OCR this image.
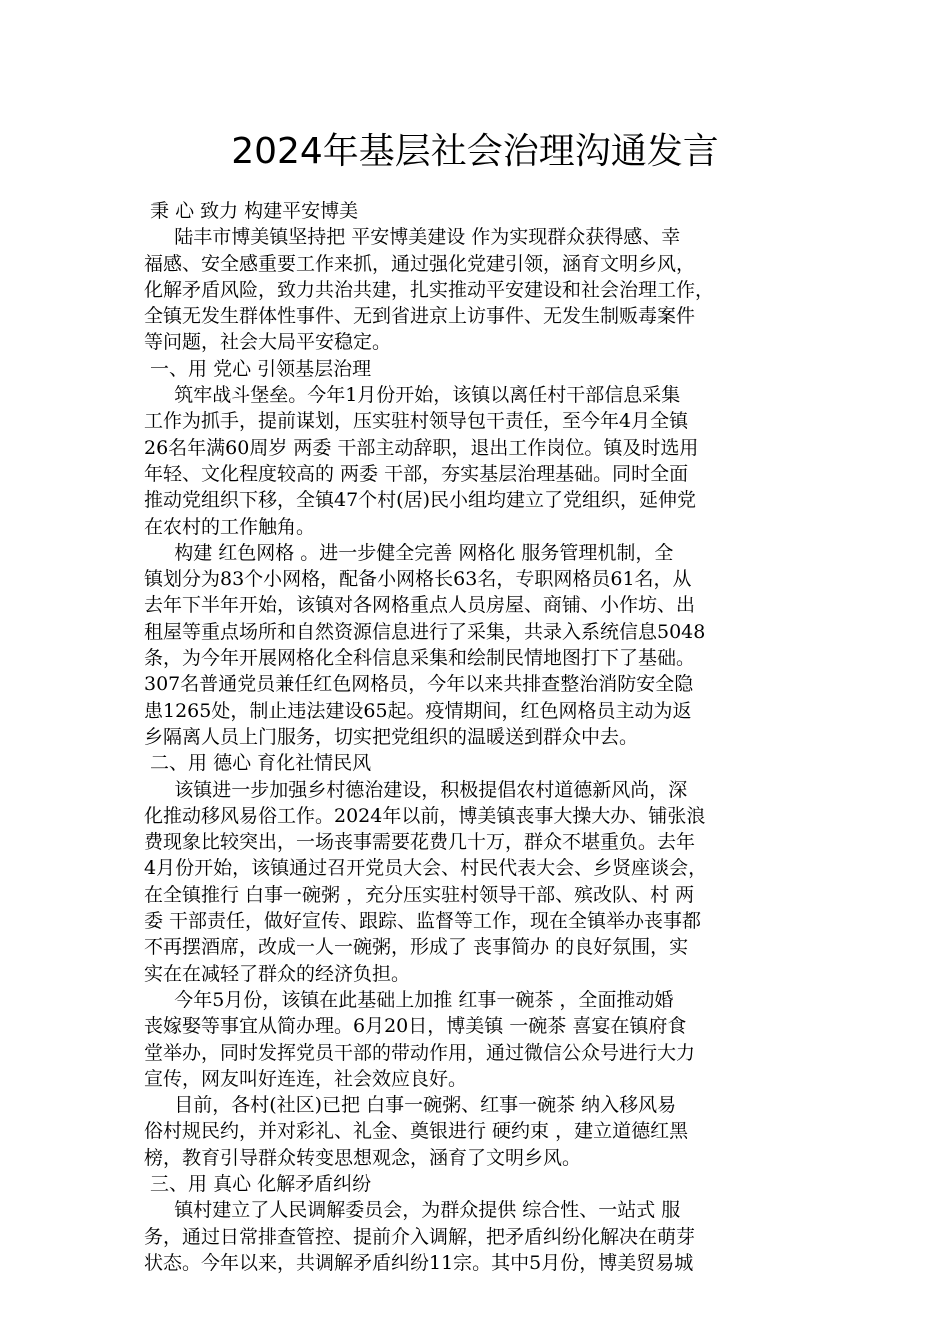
2024年基层社会治理沟通发言
秉 心 致力 构建平安博美
陆丰市博美镇坚持把 平安博美建设 作为实现群众获得感、幸
福感、安全感重要工作来抓，通过强化党建引领，涵育文明乡风，
化解矛盾风险，致力共治共建，扎实推动平安建设和社会治理工作，
全镇无发生群体性事件、无到省进京上访事件、无发生制贩毒案件
等问题，社会大局平安稳定。
一、用 党心 引领基层治理
筑牢战斗堡垒。今年1月份开始，该镇以离任村干部信息采集
工作为抓手，提前谋划，压实驻村领导包干责任，至今年4月全镇
26名年满60周岁 两委 干部主动辞职，退出工作岗位。镇及时选用
年轻、文化程度较高的 两委 干部，夯实基层治理基础。同时全面
推动党组织下移，全镇47个村(居)民小组均建立了党组织，延伸党
在农村的工作触角。
构建 红色网格 。进一步健全完善 网格化 服务管理机制，全
镇划分为83个小网格，配备小网格长63名，专职网格员61名，从
去年下半年开始，该镇对各网格重点人员房屋、商铺、小作坊、出
租屋等重点场所和自然资源信息进行了采集，共录入系统信息5048
条，为今年开展网格化全科信息采集和绘制民情地图打下了基础。
307名普通党员兼任红色网格员，今年以来共排查整治消防安全隐
患1265处，制止违法建设65起。疫情期间，红色网格员主动为返
乡隔离人员上门服务，切实把党组织的温暖送到群众中去。
二、用 德心 育化社情民风
该镇进一步加强乡村德治建设，积极提倡农村道德新风尚，深
化推动移风易俗工作。2024年以前，博美镇丧事大操大办、铺张浪
费现象比较突出，一场丧事需要花费几十万，群众不堪重负。去年
4月份开始，该镇通过召开党员大会、村民代表大会、乡贤座谈会，
在全镇推行 白事一碗粥 ，充分压实驻村领导干部、殡改队、村 两
委 干部责任，做好宣传、跟踪、监督等工作，现在全镇举办丧事都
不再摆酒席，改成一人一碗粥，形成了 丧事简办 的良好氛围，实
实在在减轻了群众的经济负担。
今年5月份，该镇在此基础上加推 红事一碗茶 ，全面推动婚
丧嫁娶等事宜从简办理。6月20日，博美镇 一碗茶 喜宴在镇府食
堂举办，同时发挥党员干部的带动作用，通过微信公众号进行大力
宣传，网友叫好连连，社会效应良好。
目前，各村(社区)已把 白事一碗粥、红事一碗茶 纳入移风易
俗村规民约，并对彩礼、礼金、奠银进行 硬约束 ，建立道德红黑
榜，教育引导群众转变思想观念，涵育了文明乡风。
三、用 真心 化解矛盾纠纷
镇村建立了人民调解委员会，为群众提供 综合性、一站式 服
务，通过日常排查管控、提前介入调解，把矛盾纠纷化解决在萌芽
状态。今年以来，共调解矛盾纠纷11宗。其中5月份，博美贸易城
